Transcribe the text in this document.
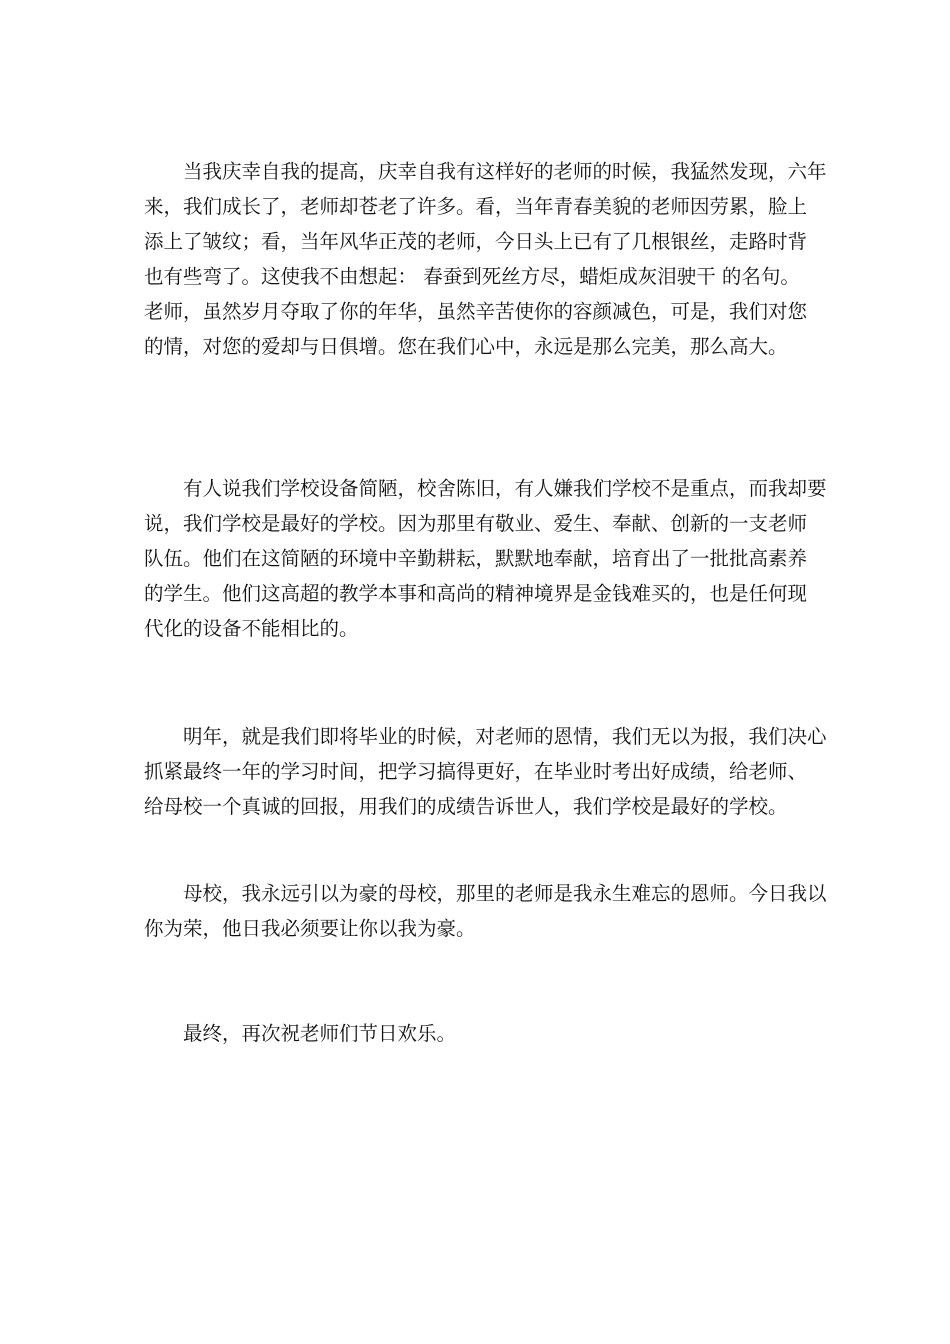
　　当我庆幸自我的提高，庆幸自我有这样好的老师的时候，我猛然发现，六年
来，我们成长了，老师却苍老了许多。看，当年青春美貌的老师因劳累，脸上
添上了皱纹；看，当年风华正茂的老师，今日头上已有了几根银丝，走路时背
也有些弯了。这使我不由想起： 春蚕到死丝方尽，蜡炬成灰泪驶干 的名句。
老师，虽然岁月夺取了你的年华，虽然辛苦使你的容颜减色，可是，我们对您
的情，对您的爱却与日俱增。您在我们心中，永远是那么完美，那么高大。
　　有人说我们学校设备简陋，校舍陈旧，有人嫌我们学校不是重点，而我却要
说，我们学校是最好的学校。因为那里有敬业、爱生、奉献、创新的一支老师
队伍。他们在这简陋的环境中辛勤耕耘，默默地奉献，培育出了一批批高素养
的学生。他们这高超的教学本事和高尚的精神境界是金钱难买的，也是任何现
代化的设备不能相比的。
　　明年，就是我们即将毕业的时候，对老师的恩情，我们无以为报，我们决心
抓紧最终一年的学习时间，把学习搞得更好，在毕业时考出好成绩，给老师、
给母校一个真诚的回报，用我们的成绩告诉世人，我们学校是最好的学校。
　　母校，我永远引以为豪的母校，那里的老师是我永生难忘的恩师。今日我以
你为荣，他日我必须要让你以我为豪。
　　最终，再次祝老师们节日欢乐。
